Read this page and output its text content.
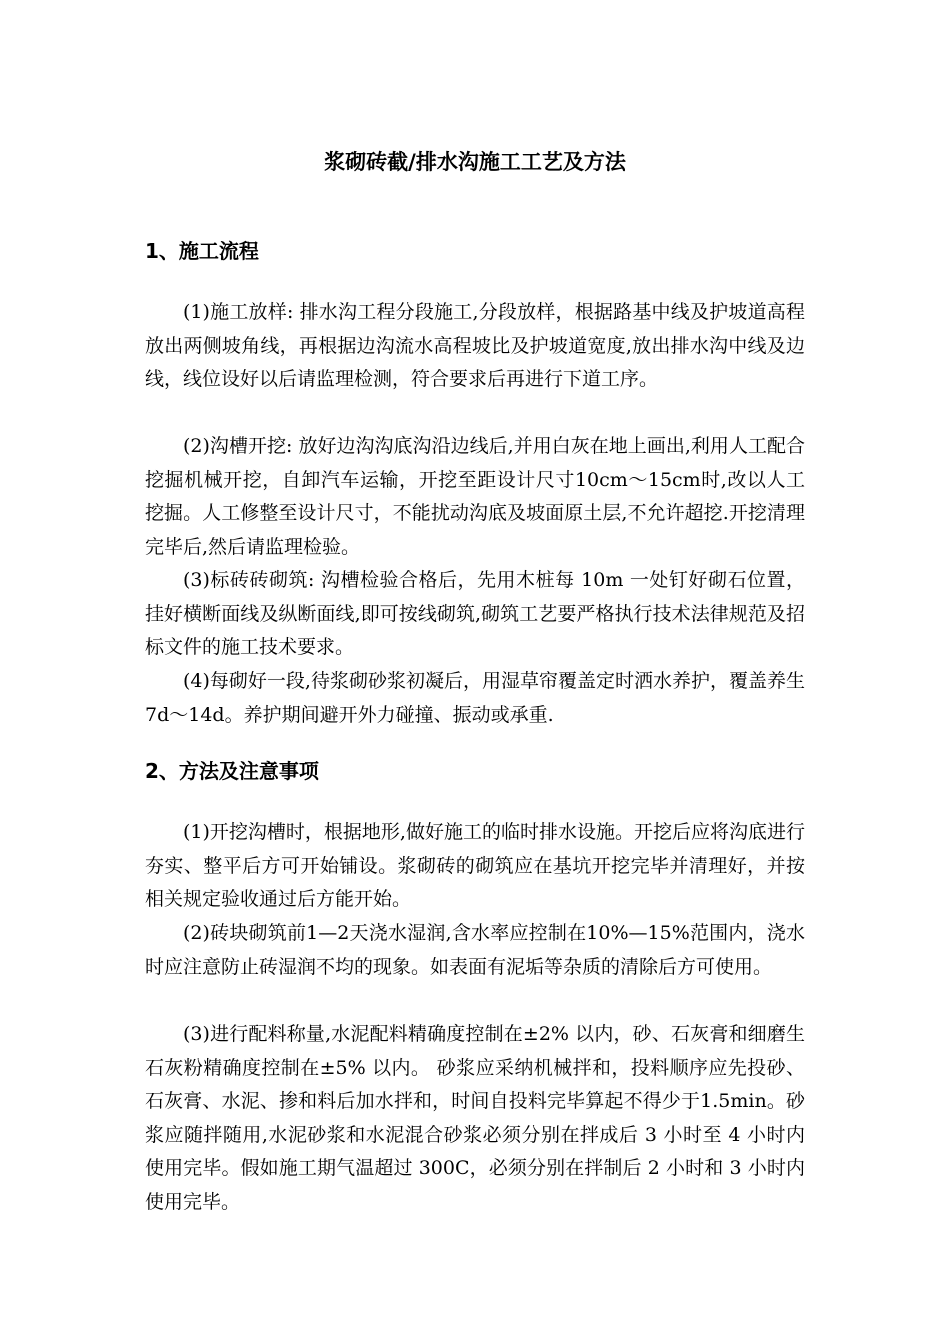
浆砌砖截/排水沟施工工艺及方法
1、施工流程

(1)施工放样: 排水沟工程分段施工,分段放样，根据路基中线及护坡道高程放出两侧坡角线，再根据边沟流水高程坡比及护坡道宽度,放出排水沟中线及边线，线位设好以后请监理检测，符合要求后再进行下道工序。

(2)沟槽开挖: 放好边沟沟底沟沿边线后,并用白灰在地上画出,利用人工配合挖掘机械开挖，自卸汽车运输，开挖至距设计尺寸10cm～15cm时,改以人工挖掘。人工修整至设计尺寸，不能扰动沟底及坡面原土层,不允许超挖.开挖清理完毕后,然后请监理检验。

(3)标砖砖砌筑: 沟槽检验合格后，先用木桩每 10m 一处钉好砌石位置，挂好横断面线及纵断面线,即可按线砌筑,砌筑工艺要严格执行技术法律规范及招标文件的施工技术要求。

(4)每砌好一段,待浆砌砂浆初凝后，用湿草帘覆盖定时洒水养护，覆盖养生 7d～14d。养护期间避开外力碰撞、振动或承重.

2、方法及注意事项

(1)开挖沟槽时，根据地形,做好施工的临时排水设施。开挖后应将沟底进行夯实、整平后方可开始铺设。浆砌砖的砌筑应在基坑开挖完毕并清理好，并按相关规定验收通过后方能开始。

(2)砖块砌筑前1—2天浇水湿润,含水率应控制在10%—15%范围内，浇水时应注意防止砖湿润不均的现象。如表面有泥垢等杂质的清除后方可使用。

(3)进行配料称量,水泥配料精确度控制在±2% 以内，砂、石灰膏和细磨生石灰粉精确度控制在±5% 以内。 砂浆应采纳机械拌和，投料顺序应先投砂、石灰膏、水泥、掺和料后加水拌和，时间自投料完毕算起不得少于1.5min。砂浆应随拌随用,水泥砂浆和水泥混合砂浆必须分别在拌成后 3 小时至 4 小时内使用完毕。假如施工期气温超过 300C，必须分别在拌制后 2 小时和 3 小时内使用完毕。
